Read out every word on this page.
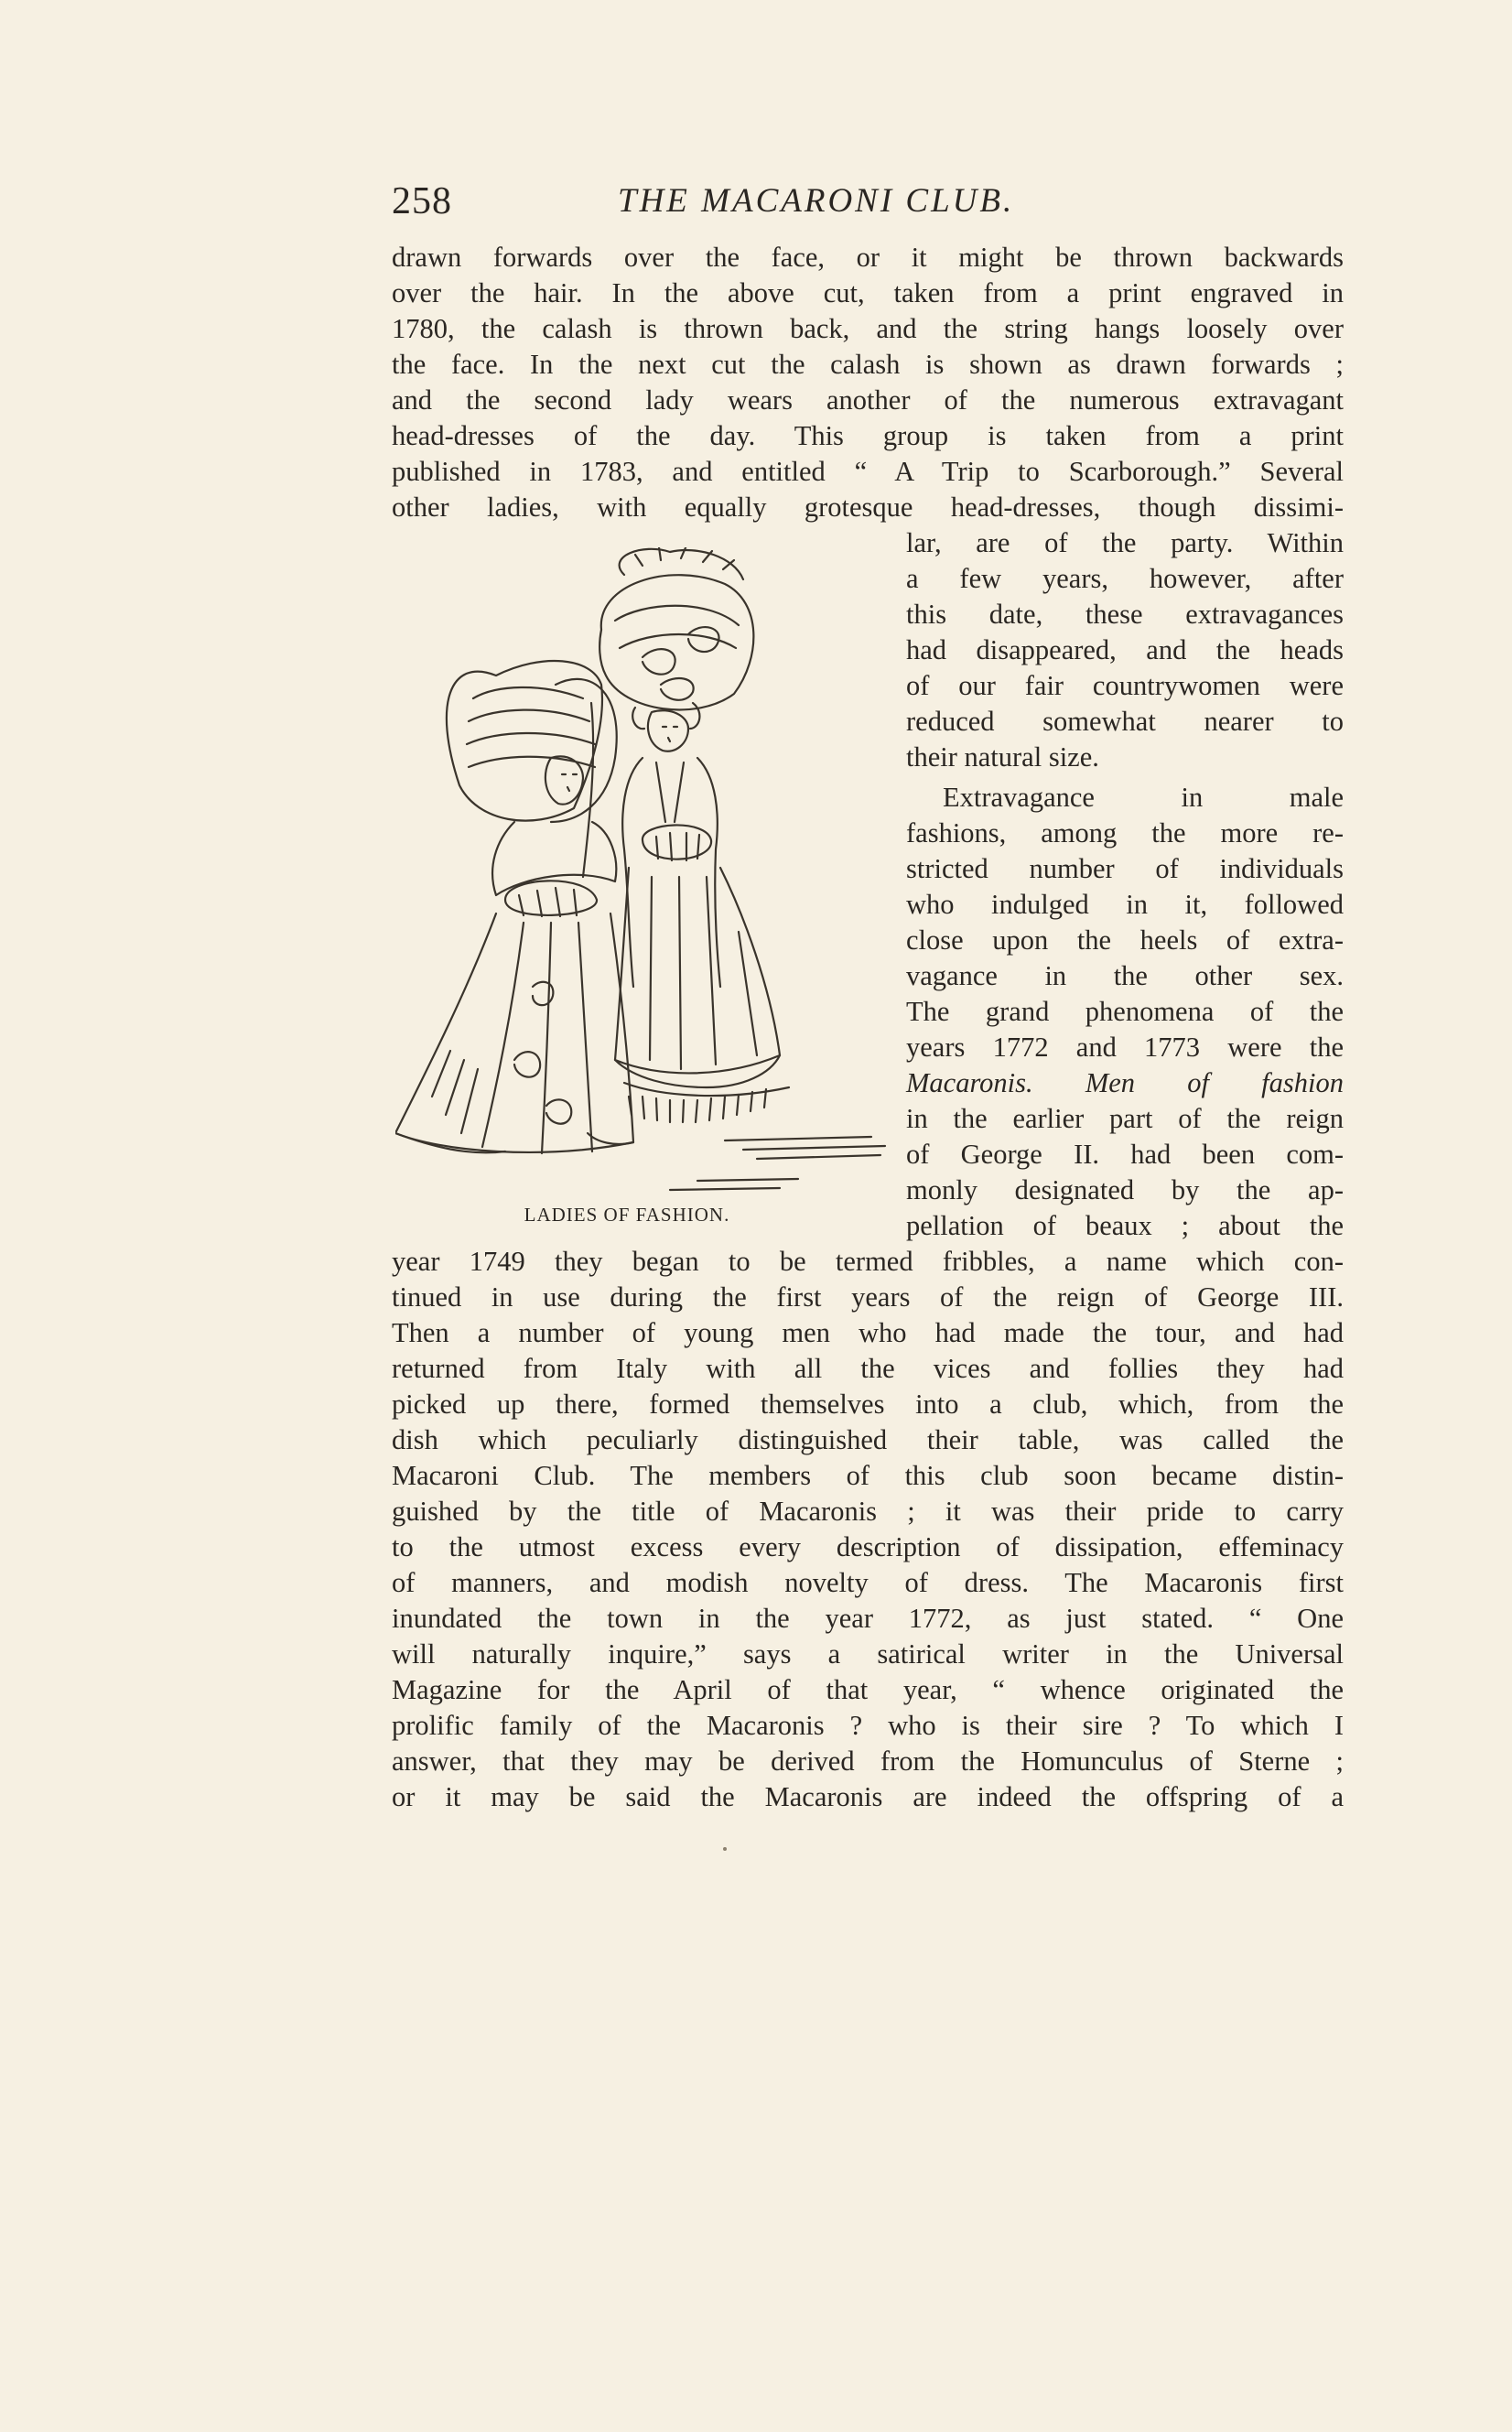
258	THE MACARONI CLUB.
drawn forwards over the face, or it might be thrown backwards
over the hair. In the above cut, taken from a print engraved in
1780, the calash is thrown back, and the string hangs loosely over
the face. In the next cut the calash is shown as drawn forwards ;
and the second lady wears another of the numerous extravagant
head-dresses of the day. This group is taken from a print
published in 1783, and entitled “ A Trip to Scarborough.” Several
other ladies, with equally grotesque head-dresses, though dissimi-
lar, are of the party. Within
a few years, however, after
this date, these extravagances
had disappeared, and the heads
of our fair countrywomen were
reduced somewhat nearer to
their natural size.
Extravagance in male
fashions, among the more re-
stricted number of individuals
who indulged in it, followed
close upon the heels of extra-
vagance in the other sex.
The grand phenomena of the
years 1772 and 1773 were the
Macaronis. Men of fashion
in the earlier part of the reign
of George II. had been com-
monly designated by the ap-
pellation of beaux ; about the
LADIES OF FASHION.
year 1749 they began to be termed fribbles, a name which con-
tinued in use during the first years of the reign of George III.
Then a number of young men who had made the tour, and had
returned from Italy with all the vices and follies they had
picked up there, formed themselves into a club, which, from the
dish which peculiarly distinguished their table, was called the
Macaroni Club. The members of this club soon became distin-
guished by the title of Macaronis ; it was their pride to carry
to the utmost excess every description of dissipation, effeminacy
of manners, and modish novelty of dress. The Macaronis first
inundated the town in the year 1772, as just stated. “ One
will naturally inquire,” says a satirical writer in the Universal
Magazine for the April of that year, “ whence originated the
prolific family of the Macaronis ? who is their sire ? To which I
answer, that they may be derived from the Homunculus of Sterne ;
or it may be said the Macaronis are indeed the offspring of a
